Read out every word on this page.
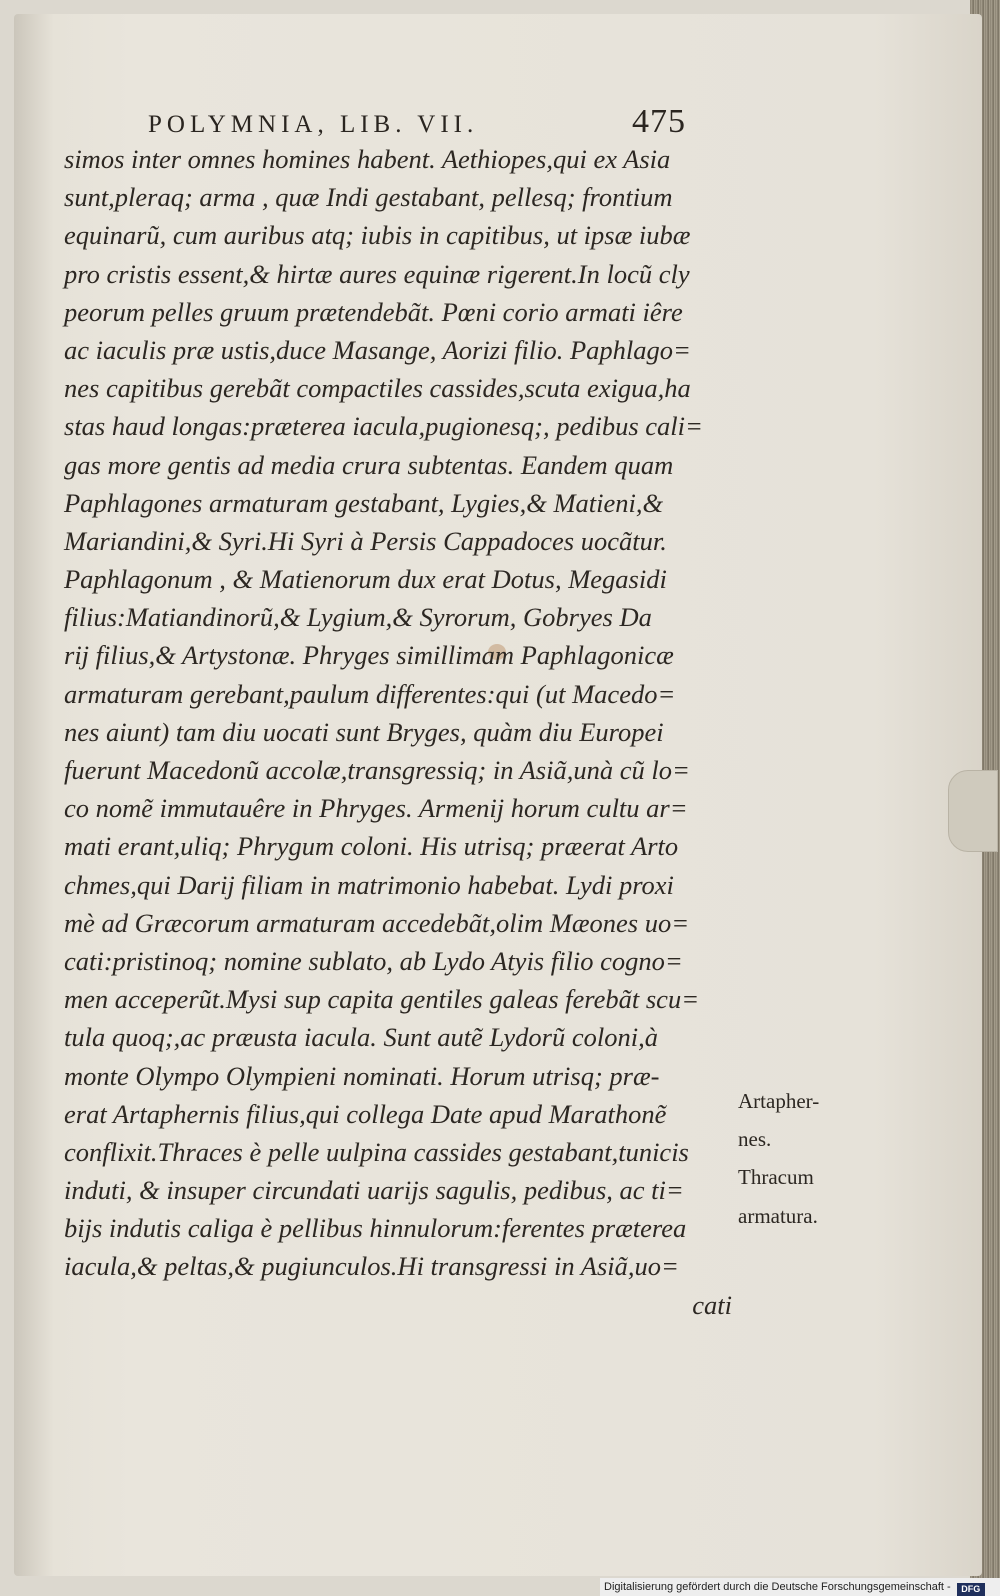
POLYMNIA, LIB. VII.	475
simos inter omnes homines habent. Aethiopes,qui ex Asia
sunt,pleraq; arma , quæ Indi gestabant, pellesq; frontium
equinarũ, cum auribus atq; iubis in capitibus, ut ipsæ iubæ
pro cristis essent,& hirtæ aures equinæ rigerent.In locũ cly
peorum pelles gruum prætendebãt. Pœni corio armati iêre
ac iaculis præ ustis,duce Masange, Aorizi filio. Paphlago=
nes capitibus gerebãt compactiles cassides,scuta exigua,ha
stas haud longas:præterea iacula,pugionesq;, pedibus cali=
gas more gentis ad media crura subtentas. Eandem quam
Paphlagones armaturam gestabant, Lygies,& Matieni,&
Mariandini,& Syri.Hi Syri à Persis Cappadoces uocãtur.
Paphlagonum , & Matienorum dux erat Dotus, Megasidi
filius:Matiandinorũ,& Lygium,& Syrorum, Gobryes Da
rij filius,& Artystonæ. Phryges simillimam Paphlagonicæ
armaturam gerebant,paulum differentes:qui (ut Macedo=
nes aiunt) tam diu uocati sunt Bryges, quàm diu Europei
fuerunt Macedonũ accolæ,transgressiq; in Asiã,unà cũ lo=
co nomẽ immutauêre in Phryges. Armenij horum cultu ar=
mati erant,uliq; Phrygum coloni. His utrisq; præerat Arto
chmes,qui Darij filiam in matrimonio habebat. Lydi proxi
mè ad Græcorum armaturam accedebãt,olim Mæones uo=
cati:pristinoq; nomine sublato, ab Lydo Atyis filio cogno=
men acceperũt.Mysi sup capita gentiles galeas ferebãt scu=
tula quoq;,ac præusta iacula. Sunt autẽ Lydorũ coloni,à
monte Olympo Olympieni nominati. Horum utrisq; præ-
erat Artaphernis filius,qui collega Date apud Marathonẽ
conflixit.Thraces è pelle uulpina cassides gestabant,tunicis
induti, & insuper circundati uarijs sagulis, pedibus, ac ti=
bijs indutis caliga è pellibus hinnulorum:ferentes præterea
iacula,& peltas,& pugiunculos.Hi transgressi in Asiã,uo=
cati
Artapher-
nes.
Thracum
armatura.
Digitalisierung gefördert durch die Deutsche Forschungsgemeinschaft - DFG
